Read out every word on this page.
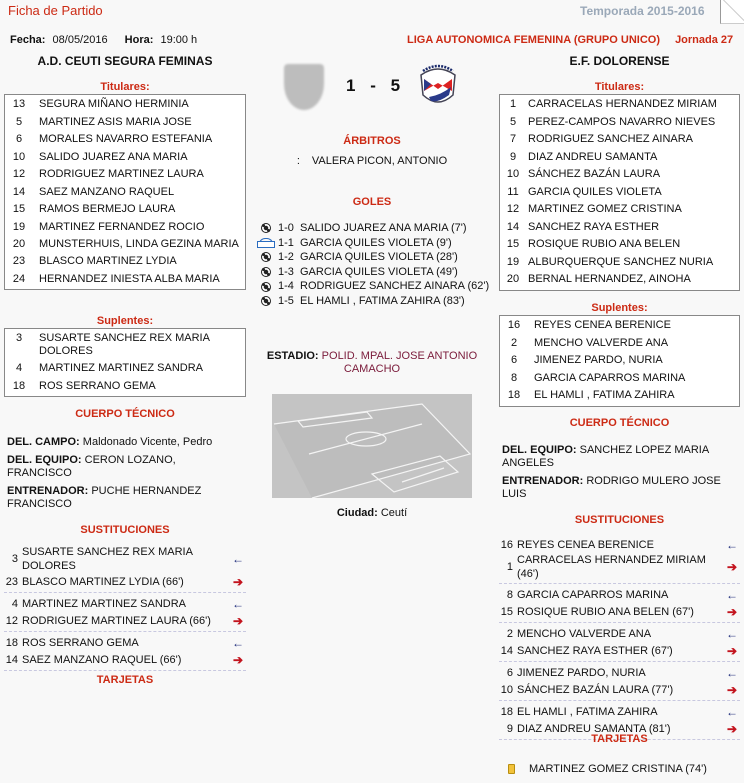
Ficha de Partido	Temporada 2015-2016
Fecha: 08/05/2016 Hora: 19:00 h	LIGA AUTONOMICA FEMENINA (GRUPO UNICO) Jornada 27
A.D. CEUTI SEGURA FEMINAS	E.F. DOLORENSE
1 - 5
Titulares:
13	SEGURA MIÑANO HERMINIA
5	MARTINEZ ASIS MARIA JOSE
6	MORALES NAVARRO ESTEFANIA
10	SALIDO JUAREZ ANA MARIA
12	RODRIGUEZ MARTINEZ LAURA
14	SAEZ MANZANO RAQUEL
15	RAMOS BERMEJO LAURA
19	MARTINEZ FERNANDEZ ROCIO
20	MUNSTERHUIS, LINDA GEZINA MARIA
23	BLASCO MARTINEZ LYDIA
24	HERNANDEZ INIESTA ALBA MARIA
Suplentes:
3	SUSARTE SANCHEZ REX MARIA DOLORES
4	MARTINEZ MARTINEZ SANDRA
18	ROS SERRANO GEMA
CUERPO TÉCNICO

DEL. CAMPO: Maldonado Vicente, Pedro

DEL. EQUIPO: CERON LOZANO, FRANCISCO

ENTRENADOR: PUCHE HERNANDEZ FRANCISCO

SUSTITUCIONES
3
SUSARTE SANCHEZ REX MARIA DOLORES	←
23 BLASCO MARTINEZ LYDIA (66')	➔
4 MARTINEZ MARTINEZ SANDRA	←
12 RODRIGUEZ MARTINEZ LAURA (66')	➔
18 ROS SERRANO GEMA	←
14 SAEZ MANZANO RAQUEL (66')	➔
TARJETAS
ÁRBITROS
: VALERA PICON, ANTONIO
GOLES
1-0 SALIDO JUAREZ ANA MARIA (7')
1-1 GARCIA QUILES VIOLETA (9')
1-2 GARCIA QUILES VIOLETA (28')
1-3 GARCIA QUILES VIOLETA (49')
1-4 RODRIGUEZ SANCHEZ AINARA (62')
1-5 EL HAMLI , FATIMA ZAHIRA (83')
ESTADIO: POLID. MPAL. JOSE ANTONIO CAMACHO
Ciudad: Ceutí
Titulares:
1	CARRACELAS HERNANDEZ MIRIAM
5	PEREZ-CAMPOS NAVARRO NIEVES
7	RODRIGUEZ SANCHEZ AINARA
9	DIAZ ANDREU SAMANTA
10 SÁNCHEZ BAZÁN LAURA
11 GARCIA QUILES VIOLETA
12 MARTINEZ GOMEZ CRISTINA
14 SANCHEZ RAYA ESTHER
15 ROSIQUE RUBIO ANA BELEN
19 ALBURQUERQUE SANCHEZ NURIA
20 BERNAL HERNANDEZ, AINOHA
Suplentes:
16	REYES CENEA BERENICE
2	MENCHO VALVERDE ANA
6	JIMENEZ PARDO, NURIA
8	GARCIA CAPARROS MARINA
18	EL HAMLI , FATIMA ZAHIRA
CUERPO TÉCNICO

DEL. EQUIPO: SANCHEZ LOPEZ MARIA ANGELES

ENTRENADOR: RODRIGO MULERO JOSE LUIS

SUSTITUCIONES
16 REYES CENEA BERENICE	←
1
CARRACELAS HERNANDEZ MIRIAM (46')	➔
8 GARCIA CAPARROS MARINA	←
15 ROSIQUE RUBIO ANA BELEN (67')	➔
2 MENCHO VALVERDE ANA	←
14 SANCHEZ RAYA ESTHER (67')	➔
6 JIMENEZ PARDO, NURIA	←
10 SÁNCHEZ BAZÁN LAURA (77')	➔
18 EL HAMLI , FATIMA ZAHIRA	←
9 DIAZ ANDREU SAMANTA (81')	➔
TARJETAS
MARTINEZ GOMEZ CRISTINA (74')
